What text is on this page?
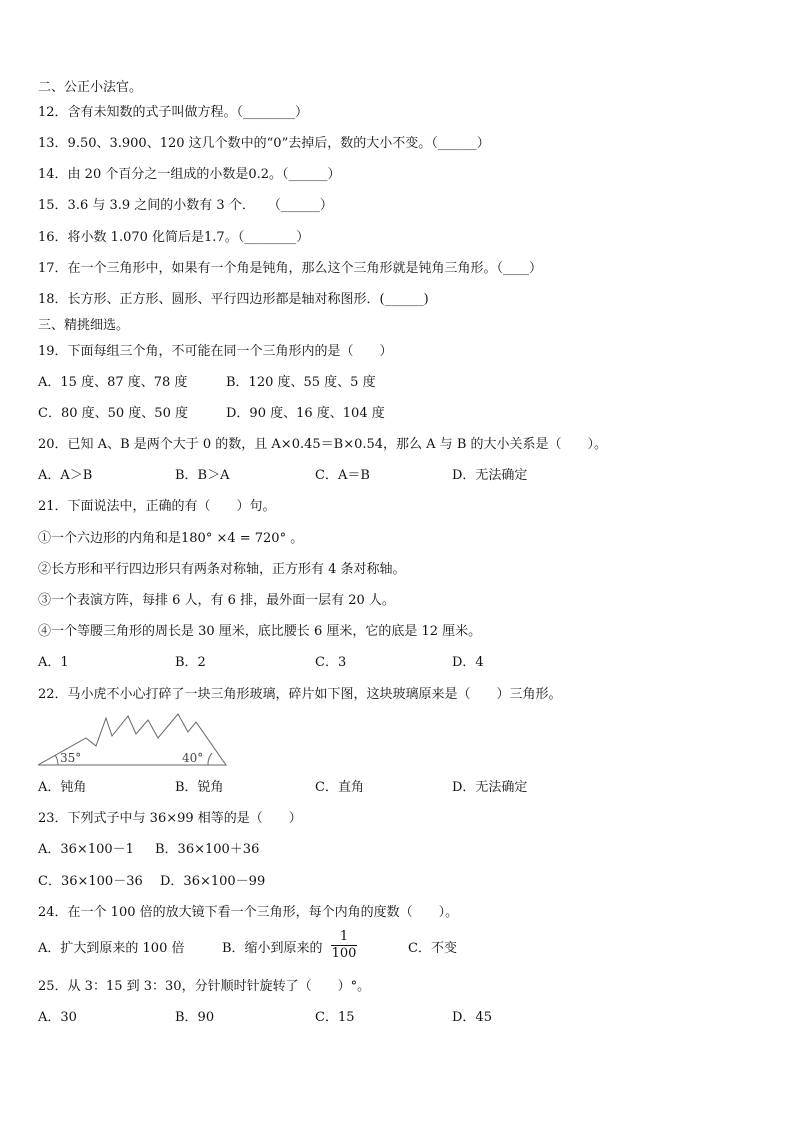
二、公正小法官。
12．含有未知数的式子叫做方程。（________）
13．9.50、3.900、120 这几个数中的“0”去掉后，数的大小不变。（______）
14．由 20 个百分之一组成的小数是0.2。（______）
15．3.6 与 3.9 之间的小数有 3 个．　　（______）
16．将小数 1.070 化简后是1.7。（________）
17．在一个三角形中，如果有一个角是钝角，那么这个三角形就是钝角三角形。（____）
18．长方形、正方形、圆形、平行四边形都是轴对称图形．(______)
三、精挑细选。
19．下面每组三个角，不可能在同一个三角形内的是（　　）
A．15 度、87 度、78 度	B．120 度、55 度、5 度
C．80 度、50 度、50 度	D．90 度、16 度、104 度
20．已知 A、B 是两个大于 0 的数，且 A×0.45＝B×0.54，那么 A 与 B 的大小关系是（　　）。
A．A＞B	B．B＞A	C．A＝B	D．无法确定
21．下面说法中，正确的有（　　）句。
①一个六边形的内角和是180° ×4 = 720° 。
②长方形和平行四边形只有两条对称轴，正方形有 4 条对称轴。
③一个表演方阵，每排 6 人，有 6 排，最外面一层有 20 人。
④一个等腰三角形的周长是 30 厘米，底比腰长 6 厘米，它的底是 12 厘米。
A．1	B．2	C．3	D．4
22．马小虎不小心打碎了一块三角形玻璃，碎片如下图，这块玻璃原来是（　　）三角形。
35°	40°
A．钝角	B．锐角	C．直角	D．无法确定
23．下列式子中与 36×99 相等的是（　　）
A．36×100－1 B．36×100＋36
C．36×100－36 D．36×100－99
24．在一个 100 倍的放大镜下看一个三角形，每个内角的度数（　　）。
A．扩大到原来的 100 倍	B．缩小到原来的
1
100	C．不变
25．从 3：15 到 3：30，分针顺时针旋转了（　　）°。
A．30	B．90	C．15	D．45
